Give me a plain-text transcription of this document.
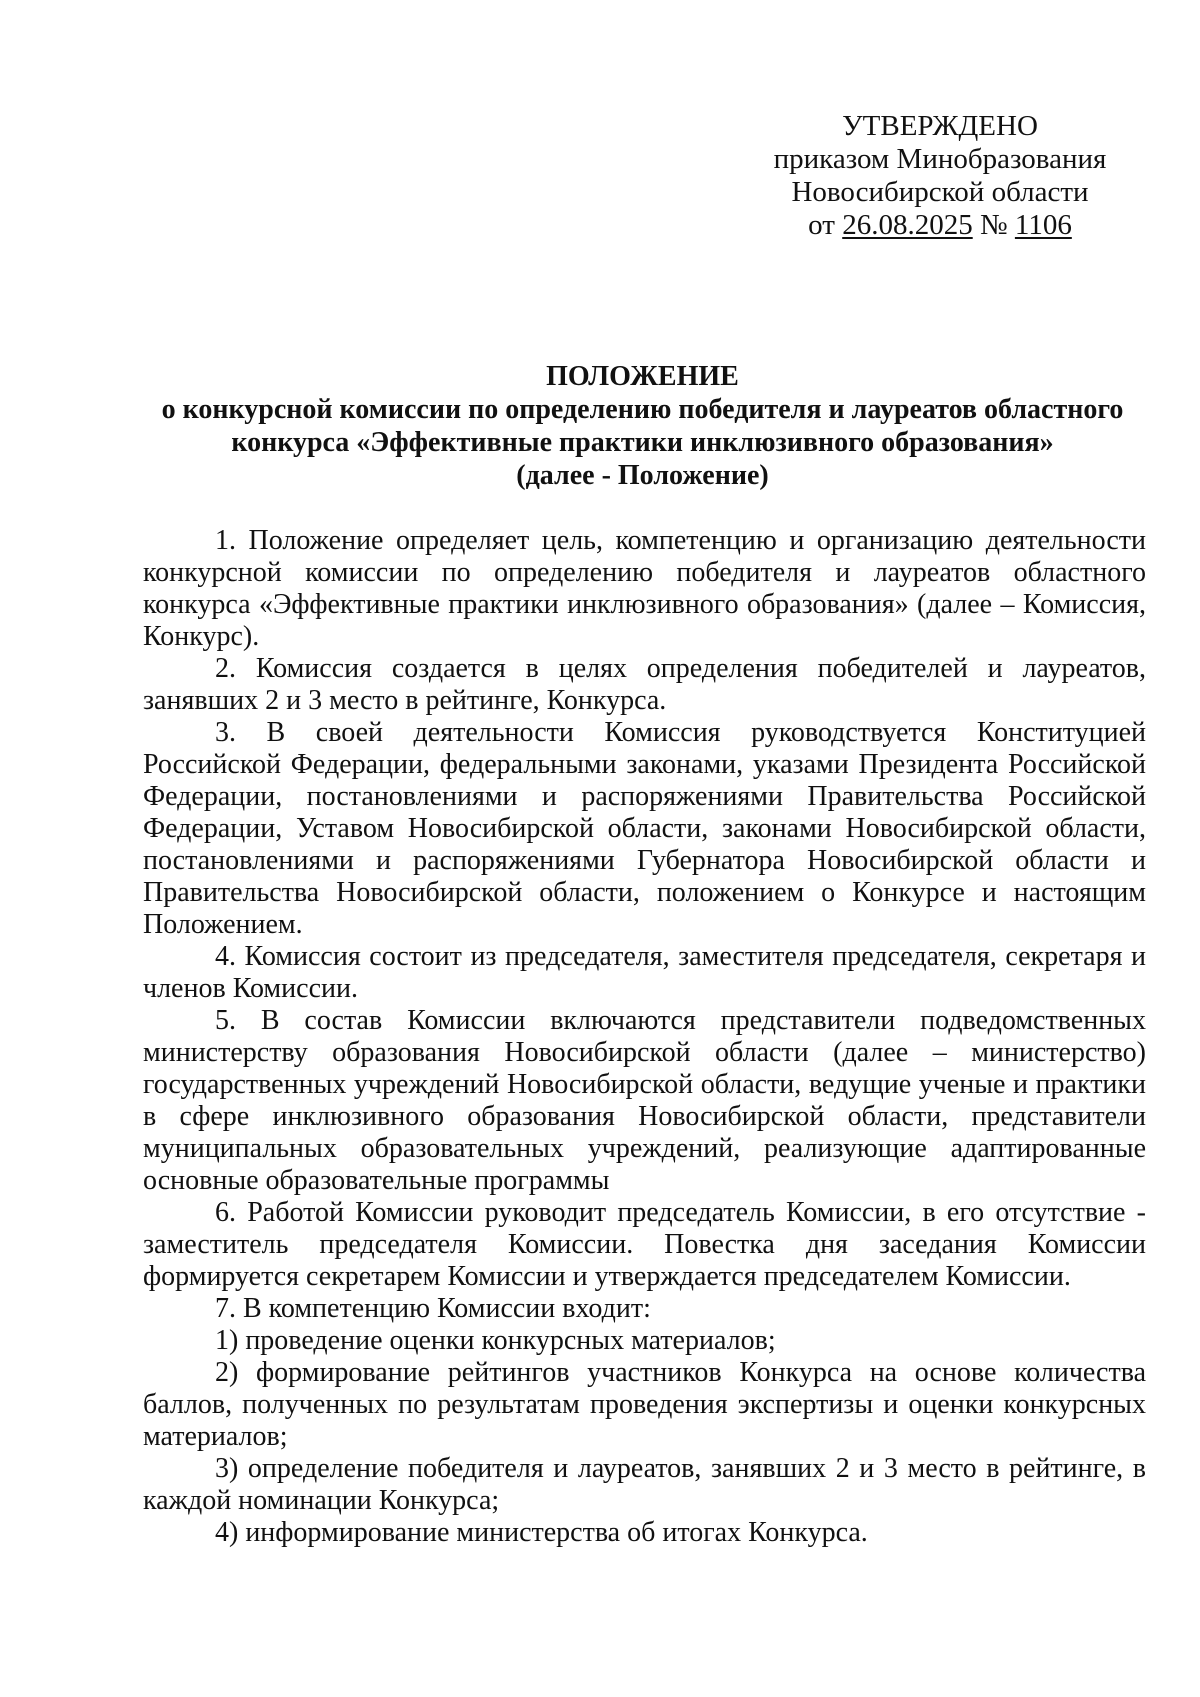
УТВЕРЖДЕНО
приказом Минобразования
Новосибирской области
от 26.08.2025 № 1106
ПОЛОЖЕНИЕ
о конкурсной комиссии по определению победителя и лауреатов областного
конкурса «Эффективные практики инклюзивного образования»
(далее - Положение)

1. Положение определяет цель, компетенцию и организацию деятельности конкурсной комиссии по определению победителя и лауреатов областного конкурса «Эффективные практики инклюзивного образования» (далее – Комиссия, Конкурс).

2. Комиссия создается в целях определения победителей и лауреатов, занявших 2 и 3 место в рейтинге, Конкурса.

3. В своей деятельности Комиссия руководствуется Конституцией Российской Федерации, федеральными законами, указами Президента Российской Федерации, постановлениями и распоряжениями Правительства Российской Федерации, Уставом Новосибирской области, законами Новосибирской области, постановлениями и распоряжениями Губернатора Новосибирской области и Правительства Новосибирской области, положением о Конкурсе и настоящим Положением.

4. Комиссия состоит из председателя, заместителя председателя, секретаря и членов Комиссии.

5. В состав Комиссии включаются представители подведомственных министерству образования Новосибирской области (далее – министерство) государственных учреждений Новосибирской области, ведущие ученые и практики в сфере инклюзивного образования Новосибирской области, представители муниципальных образовательных учреждений, реализующие адаптированные основные образовательные программы

6. Работой Комиссии руководит председатель Комиссии, в его отсутствие - заместитель председателя Комиссии. Повестка дня заседания Комиссии формируется секретарем Комиссии и утверждается председателем Комиссии.

7. В компетенцию Комиссии входит:

1) проведение оценки конкурсных материалов;

2) формирование рейтингов участников Конкурса на основе количества баллов, полученных по результатам проведения экспертизы и оценки конкурсных материалов;

3) определение победителя и лауреатов, занявших 2 и 3 место в рейтинге, в каждой номинации Конкурса;

4) информирование министерства об итогах Конкурса.
